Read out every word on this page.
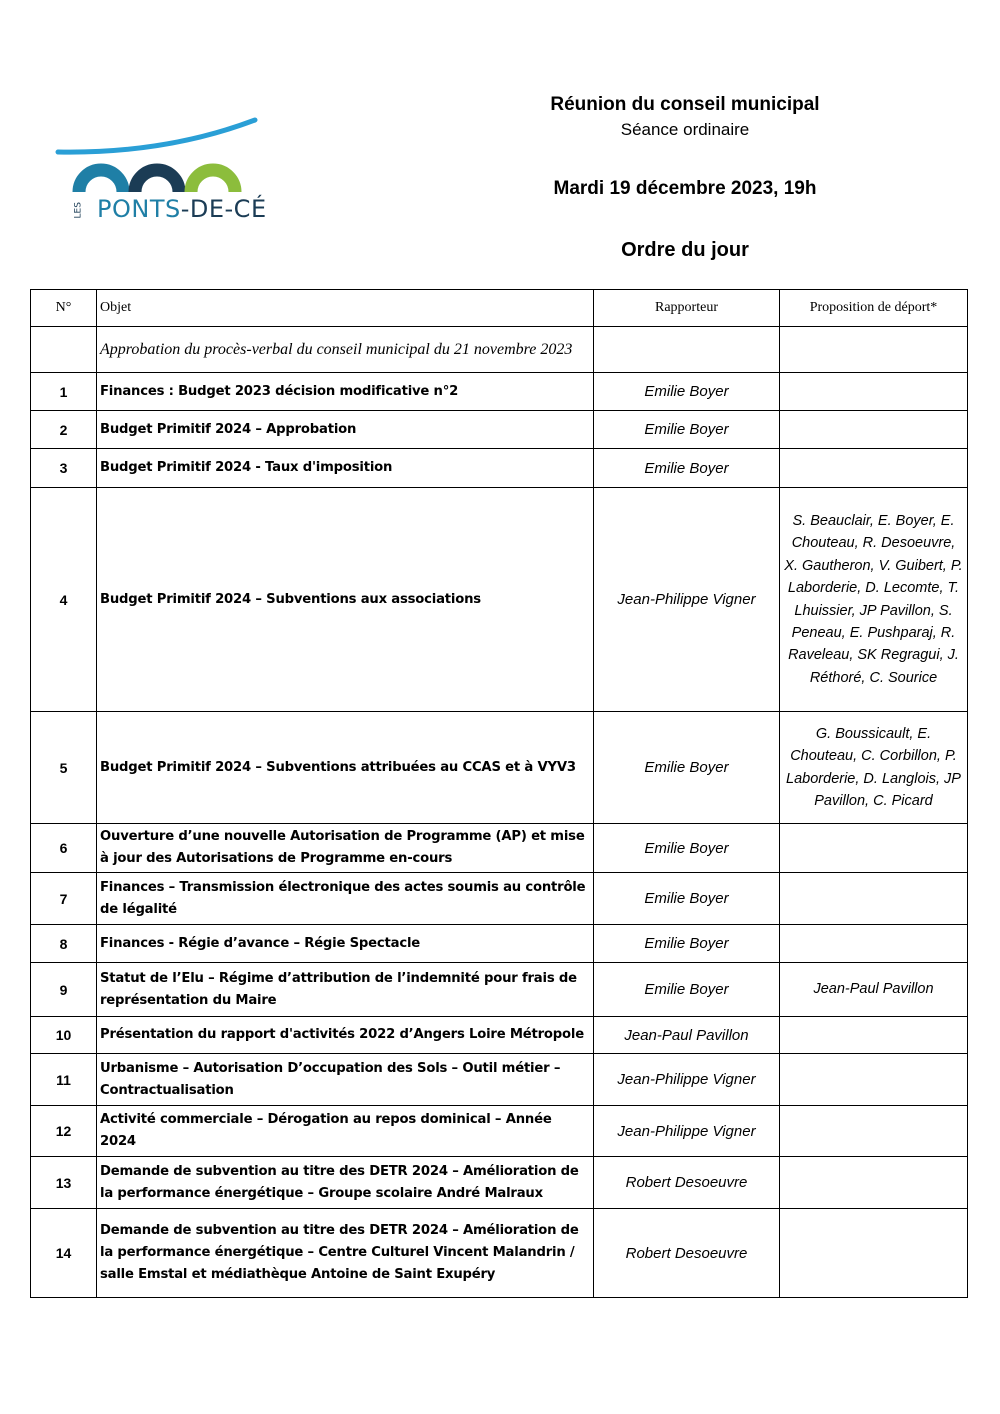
LES PONTS-DE-CÉ
Réunion du conseil municipal
Séance ordinaire
Mardi 19 décembre 2023, 19h
Ordre du jour
N°	Objet	Rapporteur	Proposition de déport*
	Approbation du procès-verbal du conseil municipal du 21 novembre 2023		
1	Finances : Budget 2023 décision modificative n°2	Emilie Boyer	
2	Budget Primitif 2024 – Approbation	Emilie Boyer	
3	Budget Primitif 2024 - Taux d'imposition	Emilie Boyer	
4	Budget Primitif 2024 – Subventions aux associations	Jean-Philippe Vigner	S. Beauclair, E. Boyer, E. Chouteau, R. Desoeuvre, X. Gautheron, V. Guibert, P. Laborderie, D. Lecomte, T. Lhuissier, JP Pavillon, S. Peneau, E. Pushparaj, R. Raveleau, SK Regragui, J. Réthoré, C. Sourice
5	Budget Primitif 2024 – Subventions attribuées au CCAS et à VYV3	Emilie Boyer	G. Boussicault, E. Chouteau, C. Corbillon, P. Laborderie, D. Langlois, JP Pavillon, C. Picard
6	Ouverture d’une nouvelle Autorisation de Programme (AP) et mise à jour des Autorisations de Programme en-cours	Emilie Boyer	
7	Finances – Transmission électronique des actes soumis au contrôle de légalité	Emilie Boyer	
8	Finances - Régie d’avance – Régie Spectacle	Emilie Boyer	
9	Statut de l’Elu – Régime d’attribution de l’indemnité pour frais de représentation du Maire	Emilie Boyer	Jean-Paul Pavillon
10	Présentation du rapport d'activités 2022 d’Angers Loire Métropole	Jean-Paul Pavillon	
11	Urbanisme – Autorisation D’occupation des Sols – Outil métier – Contractualisation	Jean-Philippe Vigner	
12	Activité commerciale – Dérogation au repos dominical – Année 2024	Jean-Philippe Vigner	
13	Demande de subvention au titre des DETR 2024 – Amélioration de la performance énergétique – Groupe scolaire André Malraux	Robert Desoeuvre	
14	Demande de subvention au titre des DETR 2024 – Amélioration de la performance énergétique – Centre Culturel Vincent Malandrin / salle Emstal et médiathèque Antoine de Saint Exupéry	Robert Desoeuvre	
